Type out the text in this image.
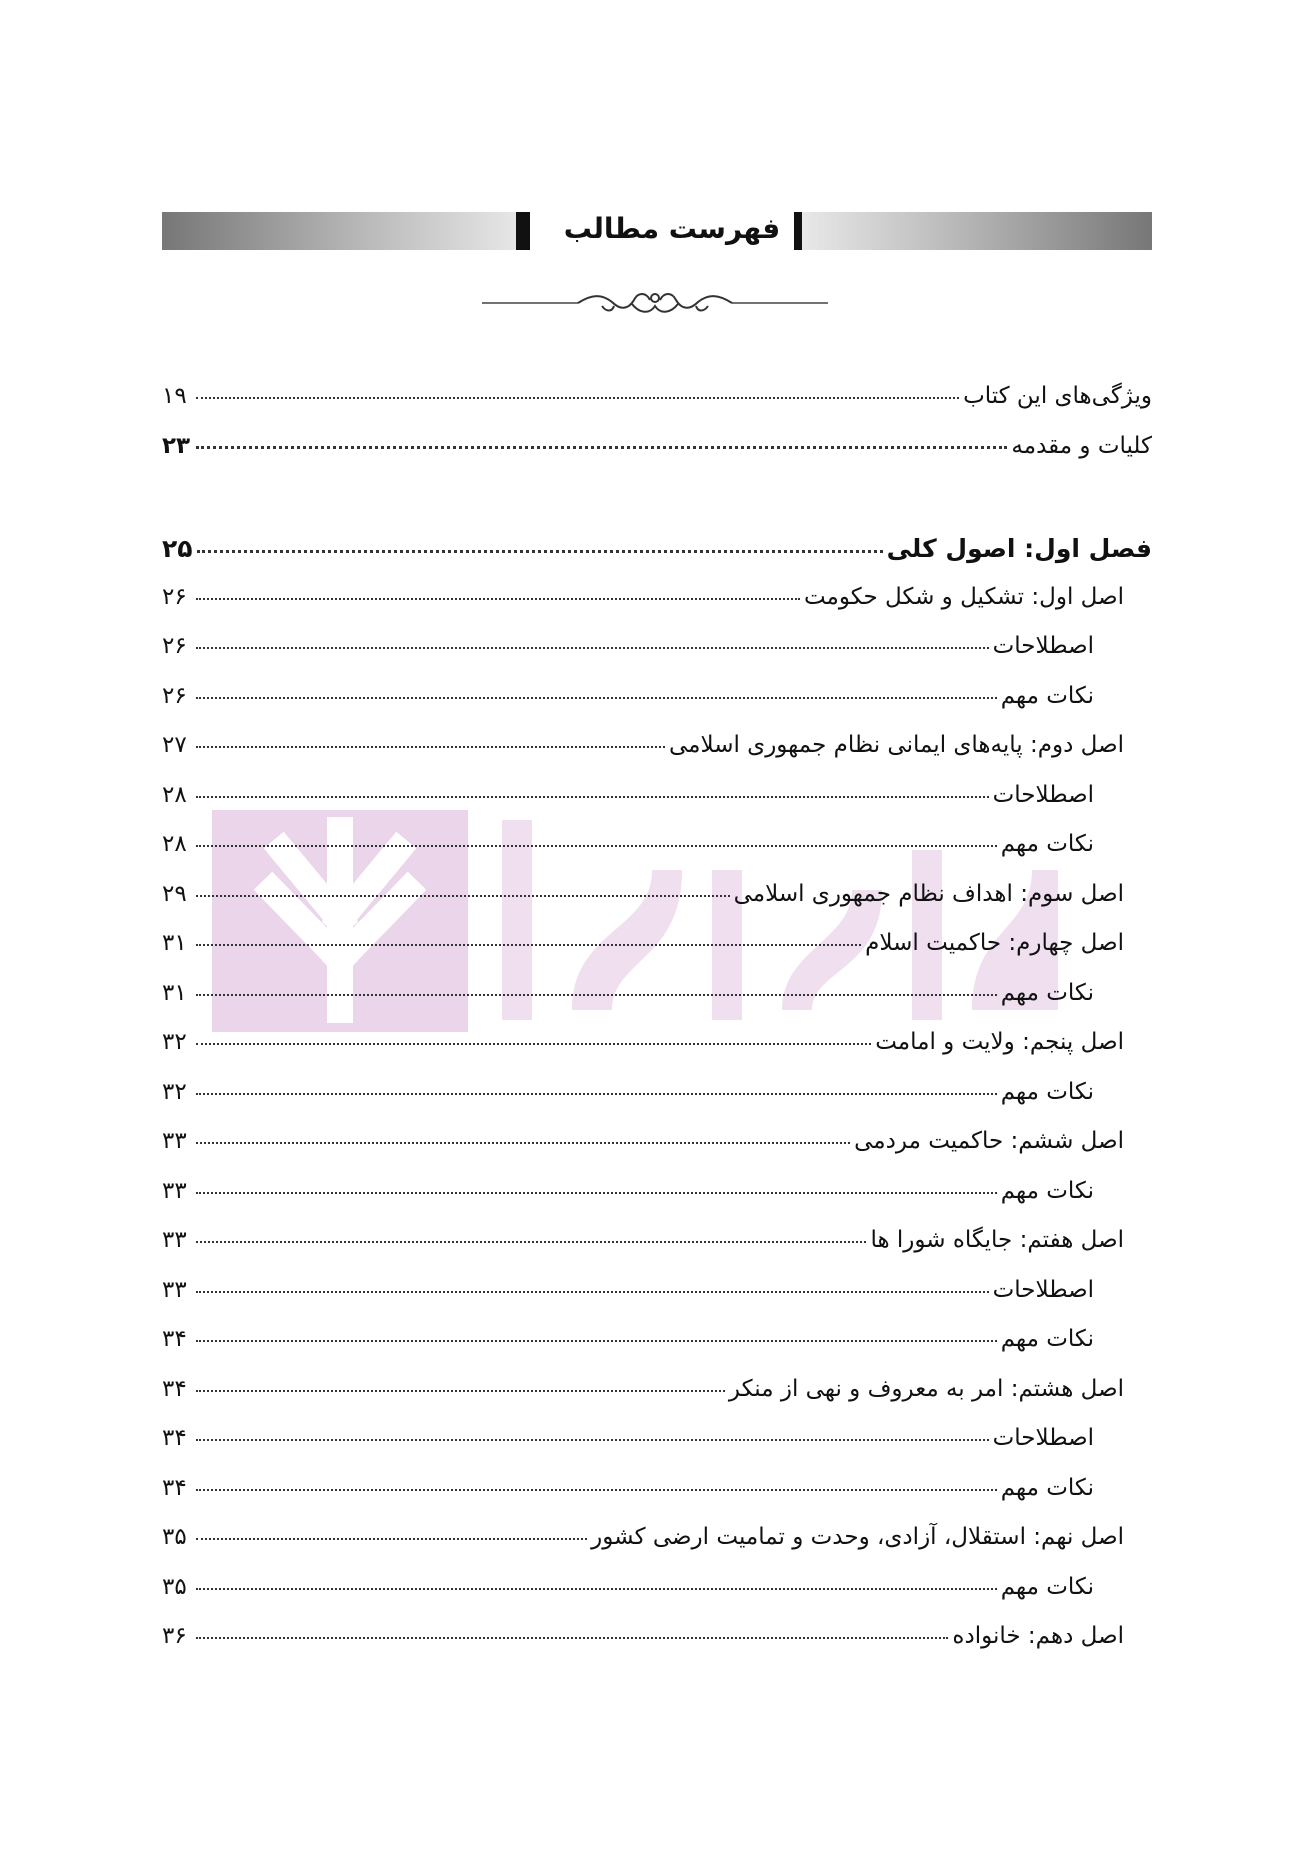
فهرست مطالب
ویژگی‌های این کتاب
۱۹
کلیات و مقدمه
۲۳
فصل اول: اصول کلی
۲۵
اصل اول: تشکیل و شکل حکومت
۲۶
اصطلاحات
۲۶
نکات مهم
۲۶
اصل دوم: پایه‌های ایمانی نظام جمهوری اسلامی
۲۷
اصطلاحات
۲۸
نکات مهم
۲۸
اصل سوم: اهداف نظام جمهوری اسلامی
۲۹
اصل چهارم: حاکمیت اسلام
۳۱
نکات مهم
۳۱
اصل پنجم: ولایت و امامت
۳۲
نکات مهم
۳۲
اصل ششم: حاکمیت مردمی
۳۳
نکات مهم
۳۳
اصل هفتم: جایگاه شورا ها
۳۳
اصطلاحات
۳۳
نکات مهم
۳۴
اصل هشتم: امر به معروف و نهی از منکر
۳۴
اصطلاحات
۳۴
نکات مهم
۳۴
اصل نهم: استقلال، آزادی، وحدت و تمامیت ارضی کشور
۳۵
نکات مهم
۳۵
اصل دهم: خانواده
۳۶
